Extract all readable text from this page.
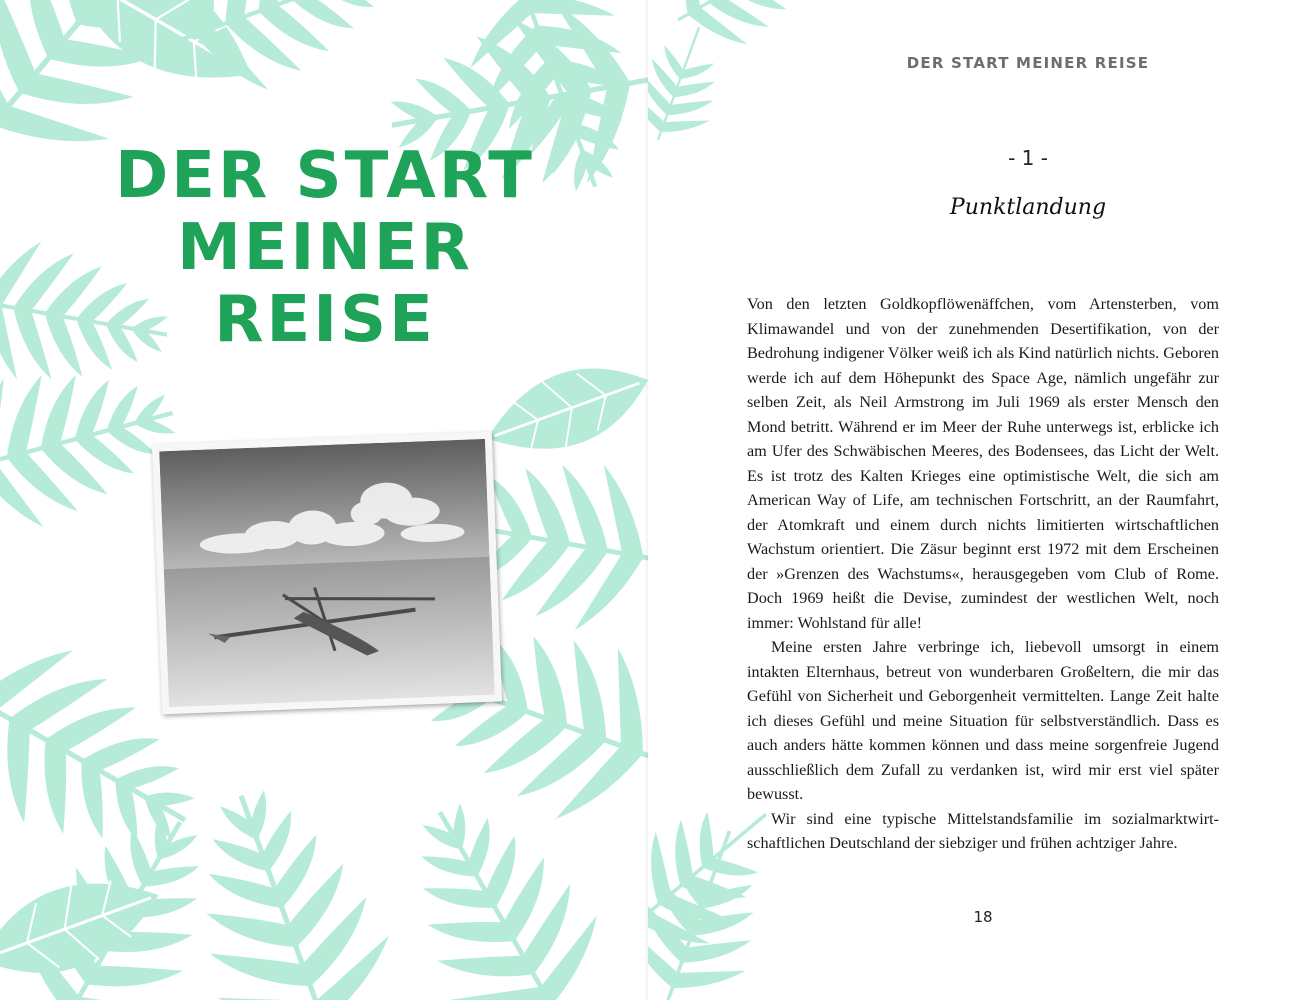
DER START
MEINER
REISE
DER START MEINER REISE
- 1 -
Punktlandung

Von den letzten Goldkopflöwenäffchen, vom Artensterben, vom Klimawandel und von der zunehmenden Desertifikation, von der Bedrohung indigener Völker weiß ich als Kind natürlich nichts. Geboren werde ich auf dem Höhepunkt des Space Age, nämlich ungefähr zur selben Zeit, als Neil Armstrong im Juli 1969 als erster Mensch den Mond betritt. Während er im Meer der Ruhe unterwegs ist, erblicke ich am Ufer des Schwäbischen Meeres, des Bodensees, das Licht der Welt. Es ist trotz des Kalten Krieges eine optimistische Welt, die sich am American Way of Life, am technischen Fortschritt, an der Raumfahrt, der Atomkraft und einem durch nichts limitierten wirtschaftlichen Wachstum orientiert. Die Zäsur beginnt erst 1972 mit dem Erscheinen der »Grenzen des Wachstums«, herausgegeben vom Club of Rome. Doch 1969 heißt die Devise, zumindest der westlichen Welt, noch immer: Wohlstand für alle!

Meine ersten Jahre verbringe ich, liebevoll umsorgt in einem intakten Elternhaus, betreut von wunderbaren Großeltern, die mir das Gefühl von Sicherheit und Geborgenheit vermittelten. Lange Zeit halte ich dieses Gefühl und meine Situation für selbstverständlich. Dass es auch anders hätte kommen können und dass meine sorgenfreie Jugend ausschließlich dem Zufall zu verdanken ist, wird mir erst viel später bewusst.

Wir sind eine typische Mittelstandsfamilie im sozialmarktwirtschaftlichen Deutschland der siebziger und frühen achtziger Jahre.

18
